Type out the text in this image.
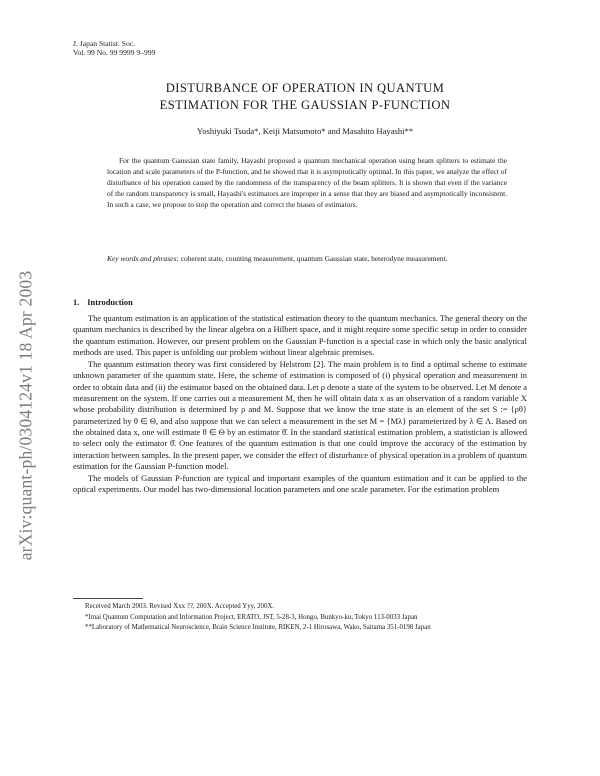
arXiv:quant-ph/0304124v1 18 Apr 2003
J. Japan Statist. Soc.
Vol. 99 No. 99 9999 9–999
DISTURBANCE OF OPERATION IN QUANTUM
ESTIMATION FOR THE GAUSSIAN P-FUNCTION
Yoshiyuki Tsuda*, Keiji Matsumoto* and Masahito Hayashi**

For the quantum Gaussian state family, Hayashi proposed a quantum mechanical operation using beam splitters to estimate the location and scale parameters of the P-function, and he showed that it is asymptotically optimal. In this paper, we analyze the effect of disturbance of his operation caused by the randomness of the transparency of the beam splitters. It is shown that even if the variance of the random transparency is small, Hayashi's estimators are improper in a sense that they are biased and asymptotically inconsistent. In such a case, we propose to stop the operation and correct the biases of estimators.

Key words and phrases: coherent state, counting measurement, quantum Gaussian state, heterodyne measurement.
1. Introduction

The quantum estimation is an application of the statistical estimation theory to the quantum mechanics. The general theory on the quantum mechanics is described by the linear algebra on a Hilbert space, and it might require some specific setup in order to consider the quantum estimation. However, our present problem on the Gaussian P-function is a special case in which only the basic analytical methods are used. This paper is unfolding our problem without linear algebraic premises.

The quantum estimation theory was first considered by Helstrom [2]. The main problem is to find a optimal scheme to estimate unknown parameter of the quantum state. Here, the scheme of estimation is composed of (i) physical operation and measurement in order to obtain data and (ii) the estimator based on the obtained data. Let ρ denote a state of the system to be observed. Let M denote a measurement on the system. If one carries out a measurement M, then he will obtain data x as an observation of a random variable X whose probability distribution is determined by ρ and M. Suppose that we know the true state is an element of the set S := {ρθ} parameterized by θ ∈ Θ, and also suppose that we can select a measurement in the set M = {Mλ} parameterized by λ ∈ Λ. Based on the obtained data x, one will estimate θ ∈ Θ by an estimator θ̂. In the standard statistical estimation problem, a statistician is allowed to select only the estimator θ̂. One features of the quantum estimation is that one could improve the accuracy of the estimation by interaction between samples. In the present paper, we consider the effect of disturbance of physical operation in a problem of quantum estimation for the Gaussian P-function model.

The models of Gaussian P-function are typical and important examples of the quantum estimation and it can be applied to the optical experiments. Our model has two-dimensional location parameters and one scale parameter. For the estimation problem

Received March 2003. Revised Xxx ??, 200X. Accepted Yyy, 200X.

*Imai Quantum Computation and Information Project, ERATO, JST, 5-28-3, Hongo, Bunkyo-ku, Tokyo 113-0033 Japan

**Laboratory of Mathematical Neuroscience, Brain Science Institute, RIKEN, 2-1 Hirosawa, Wako, Saitama 351-0198 Japan
